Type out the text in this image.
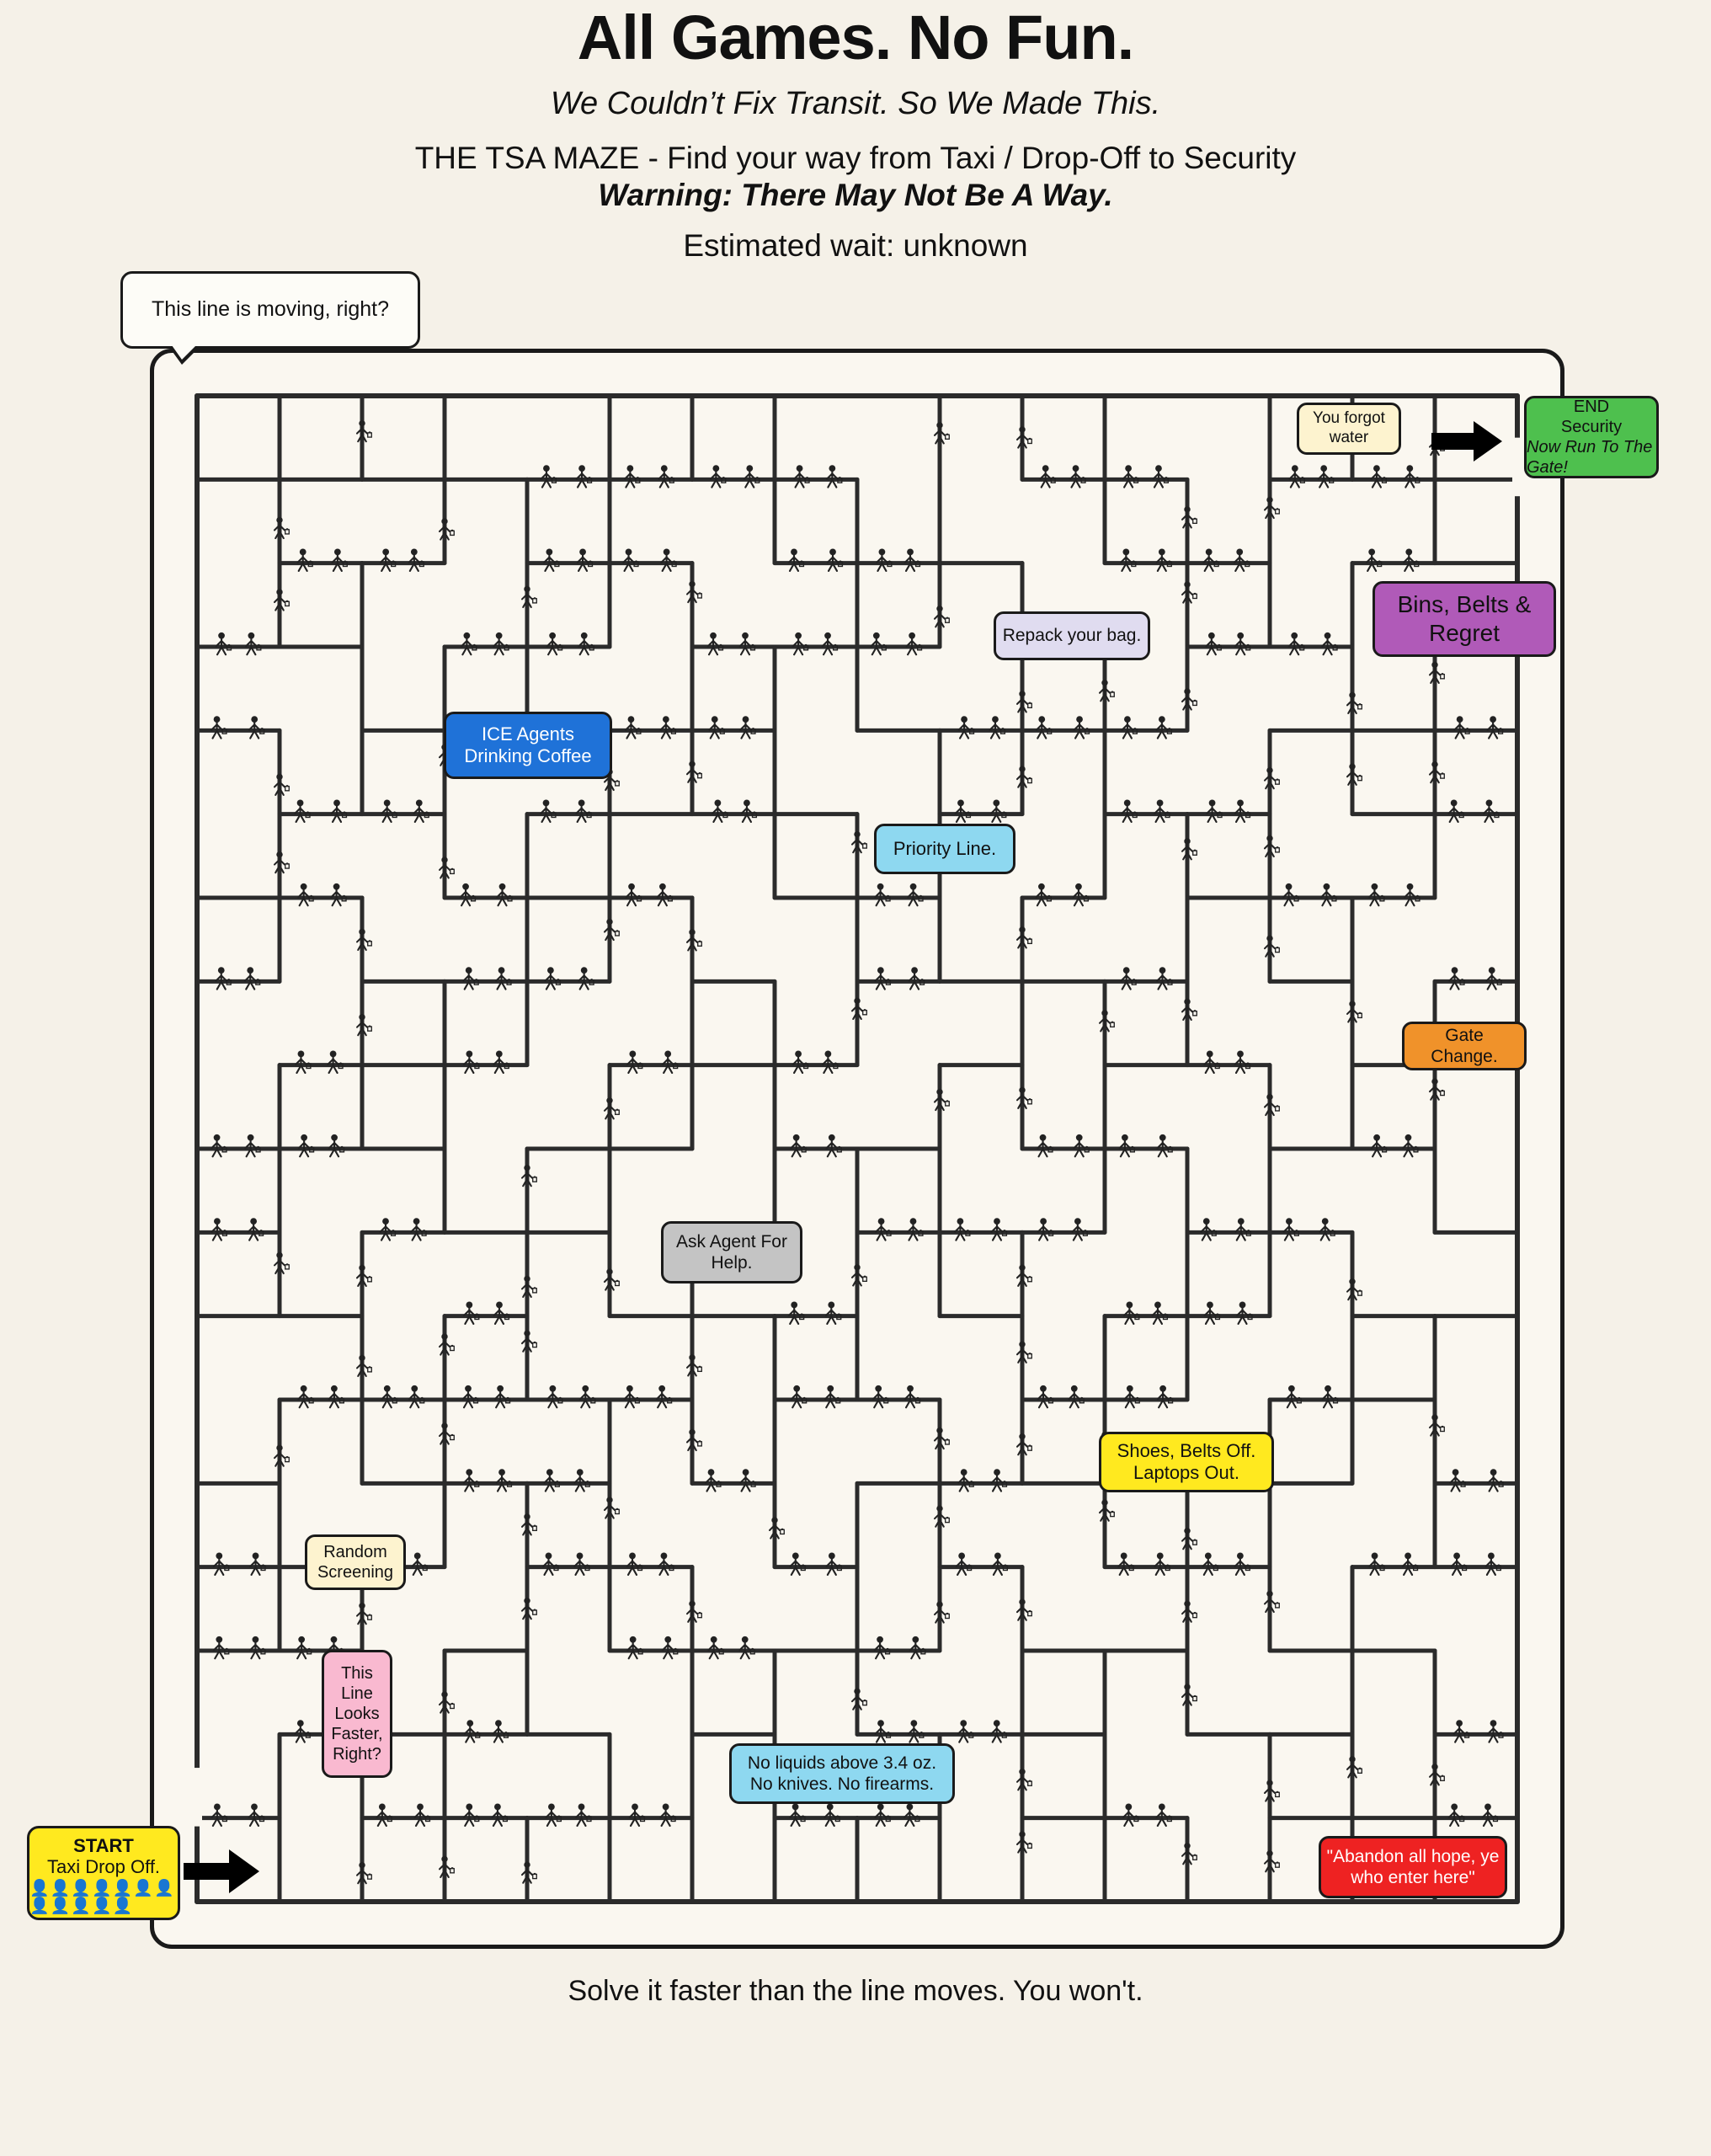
All Games. No Fun.
We Couldn’t Fix Transit. So We Made This.
THE TSA MAZE - Find your way from Taxi / Drop-Off to Security
Warning: There May Not Be A Way.
Estimated wait: unknown
This line is moving, right?
You forgot water
Bins, Belts & Regret
Repack your bag.
ICE Agents Drinking Coffee
Priority Line.
Gate Change.
Ask Agent For Help.
Shoes, Belts Off. Laptops Out.
Random Screening
This Line Looks Faster, Right?	No liquids above 3.4 oz. No knives. No firearms.
"Abandon all hope, ye who enter here"
START
Taxi Drop Off.
👤👤👤👤👤👤👤👤👤👤👤👤
END
Security
Now Run To The Gate!
Solve it faster than the line moves. You won't.
